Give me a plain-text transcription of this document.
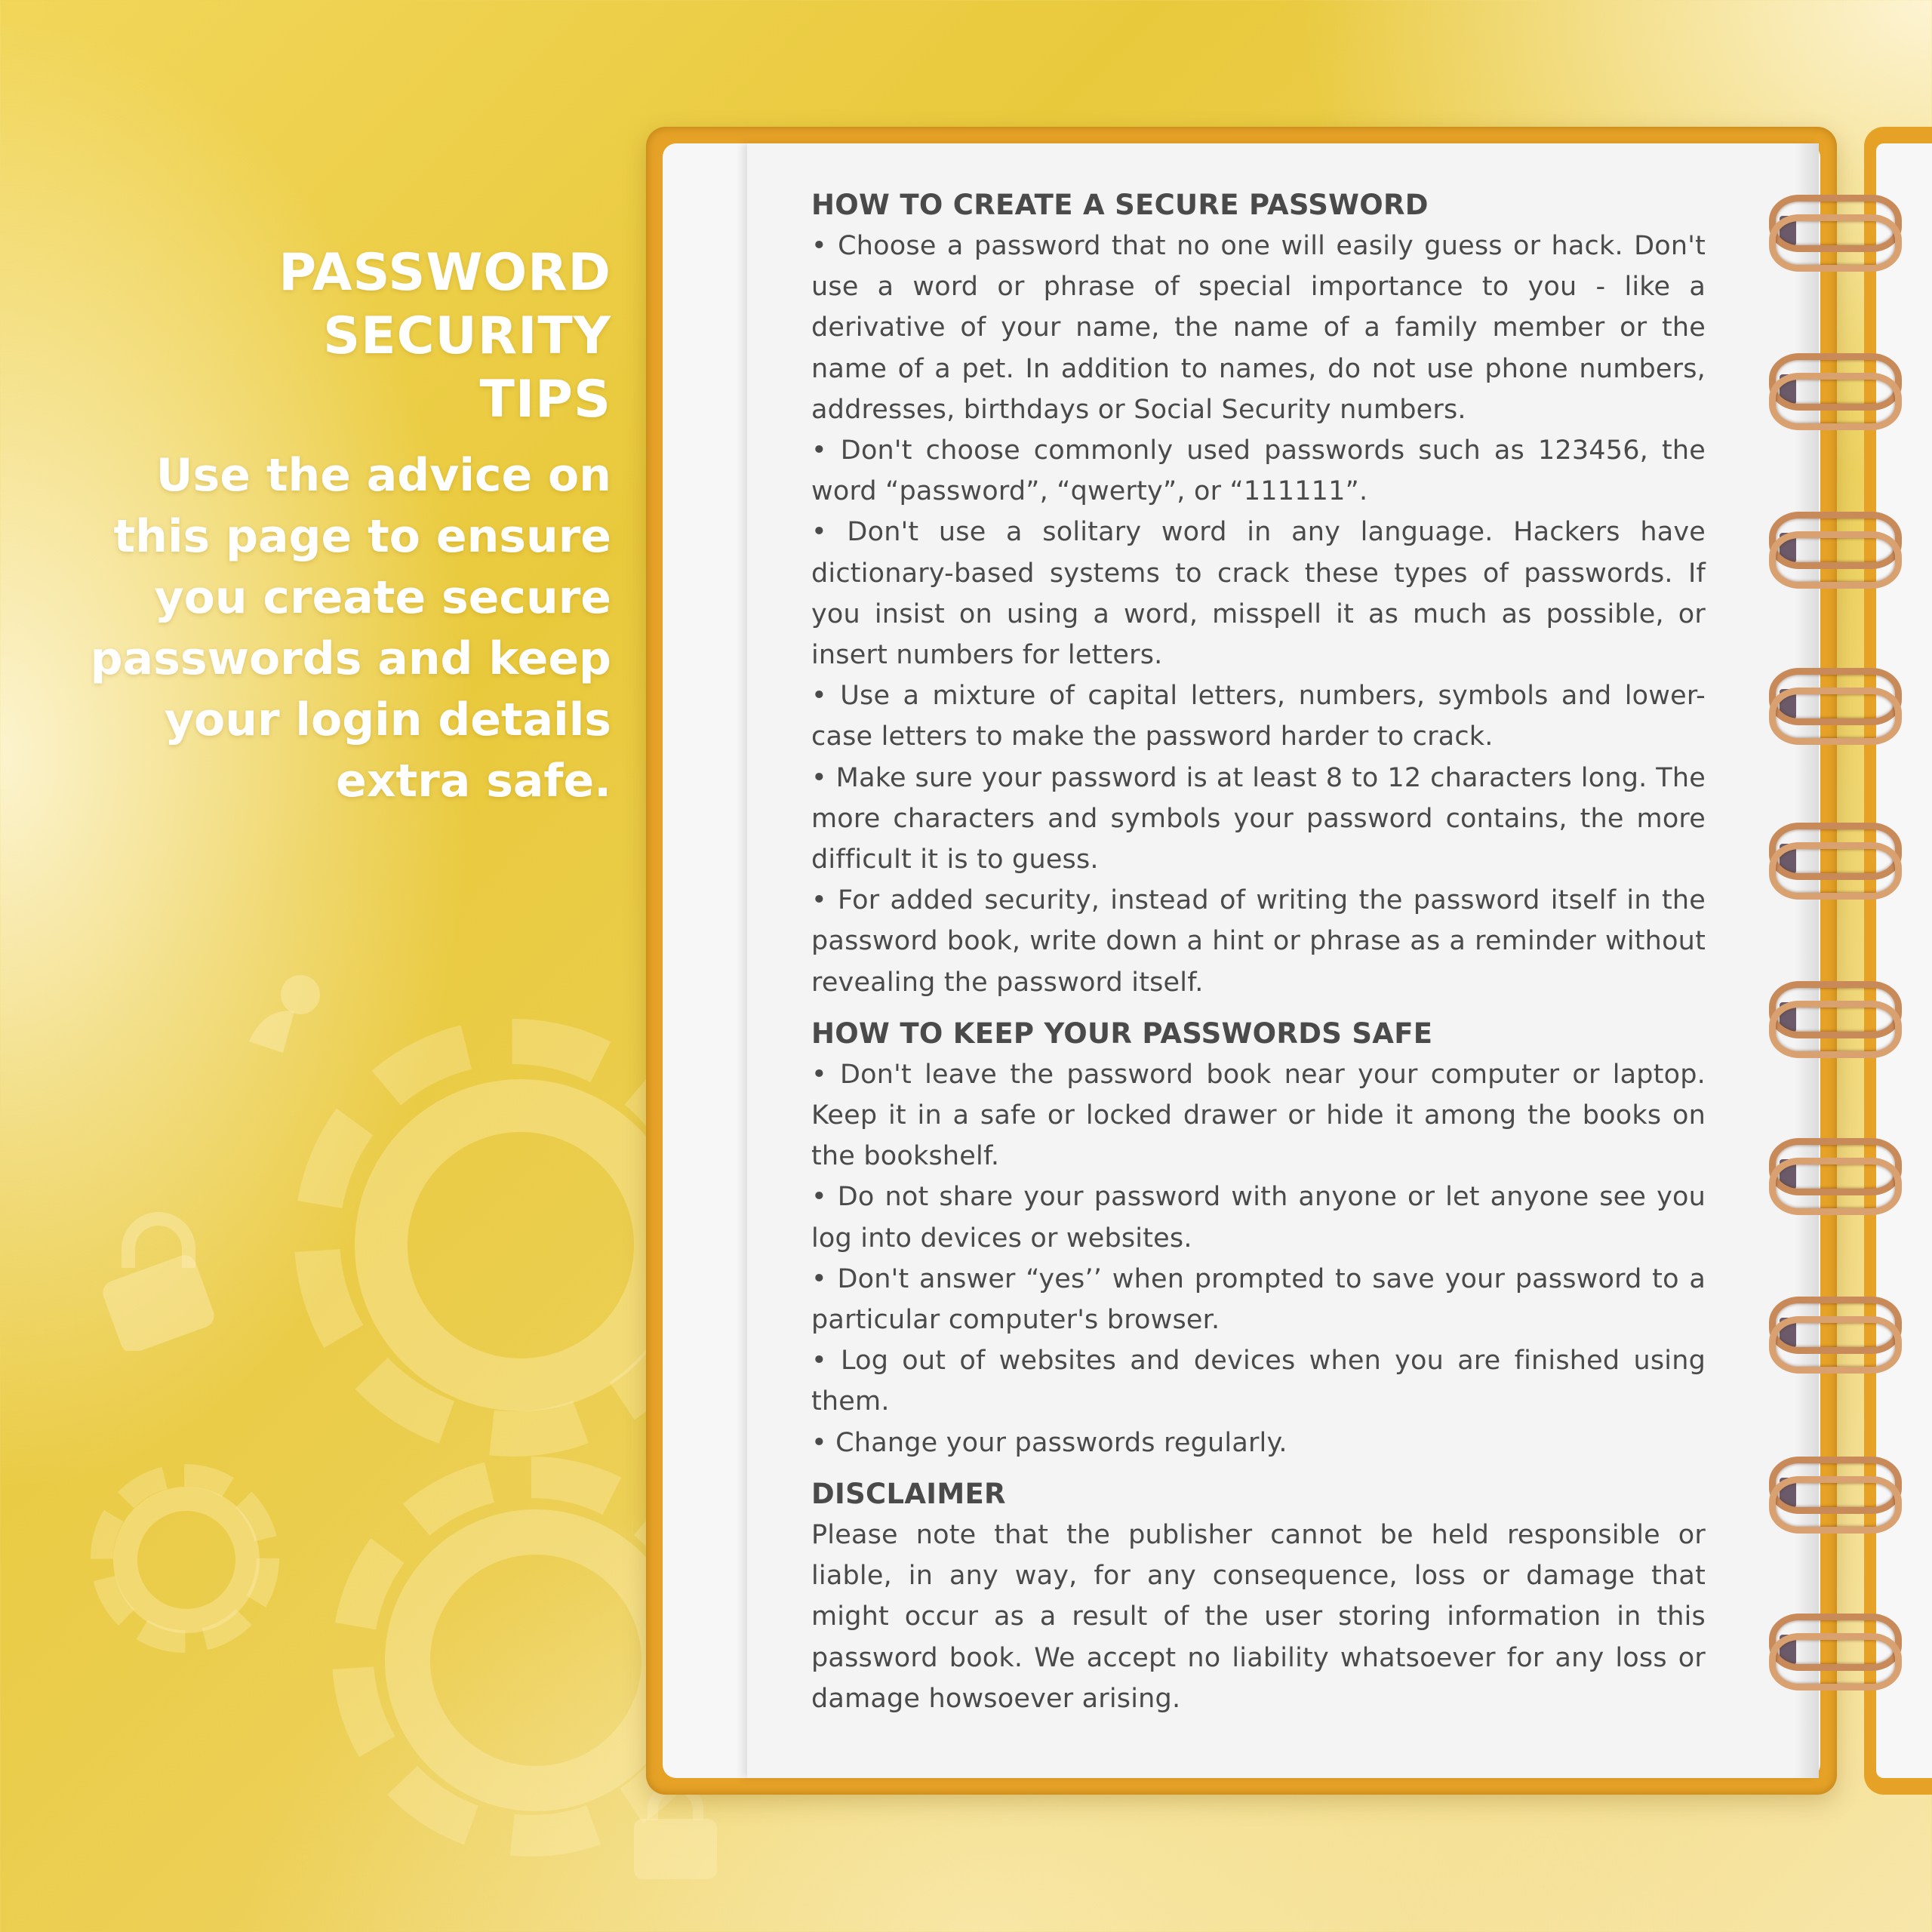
PASSWORD
SECURITY
TIPS
Use the advice on
this page to ensure
you create secure
passwords and keep
your login details
extra safe.
HOW TO CREATE A SECURE PASSWORD

• Choose a password that no one will easily guess or hack. Don't use a word or phrase of special importance to you - like a derivative of your name, the name of a family member or the name of a pet. In addition to names, do not use phone numbers, addresses, birthdays or Social Security numbers.

• Don't choose commonly used passwords such as 123456, the word “password”, “qwerty”, or “111111”.

• Don't use a solitary word in any language. Hackers have dictionary-based systems to crack these types of passwords. If you insist on using a word, misspell it as much as possible, or insert numbers for letters.

• Use a mixture of capital letters, numbers, symbols and lower-case letters to make the password harder to crack.

• Make sure your password is at least 8 to 12 characters long. The more characters and symbols your password contains, the more difficult it is to guess.

• For added security, instead of writing the password itself in the password book, write down a hint or phrase as a reminder without revealing the password itself.

HOW TO KEEP YOUR PASSWORDS SAFE

• Don't leave the password book near your computer or laptop. Keep it in a safe or locked drawer or hide it among the books on the bookshelf.

• Do not share your password with anyone or let anyone see you log into devices or websites.

• Don't answer “yes’’ when prompted to save your password to a particular computer's browser.

• Log out of websites and devices when you are finished using them.

• Change your passwords regularly.

DISCLAIMER

Please note that the publisher cannot be held responsible or liable, in any way, for any consequence, loss or damage that might occur as a result of the user storing information in this password book. We accept no liability whatsoever for any loss or damage howsoever arising.
